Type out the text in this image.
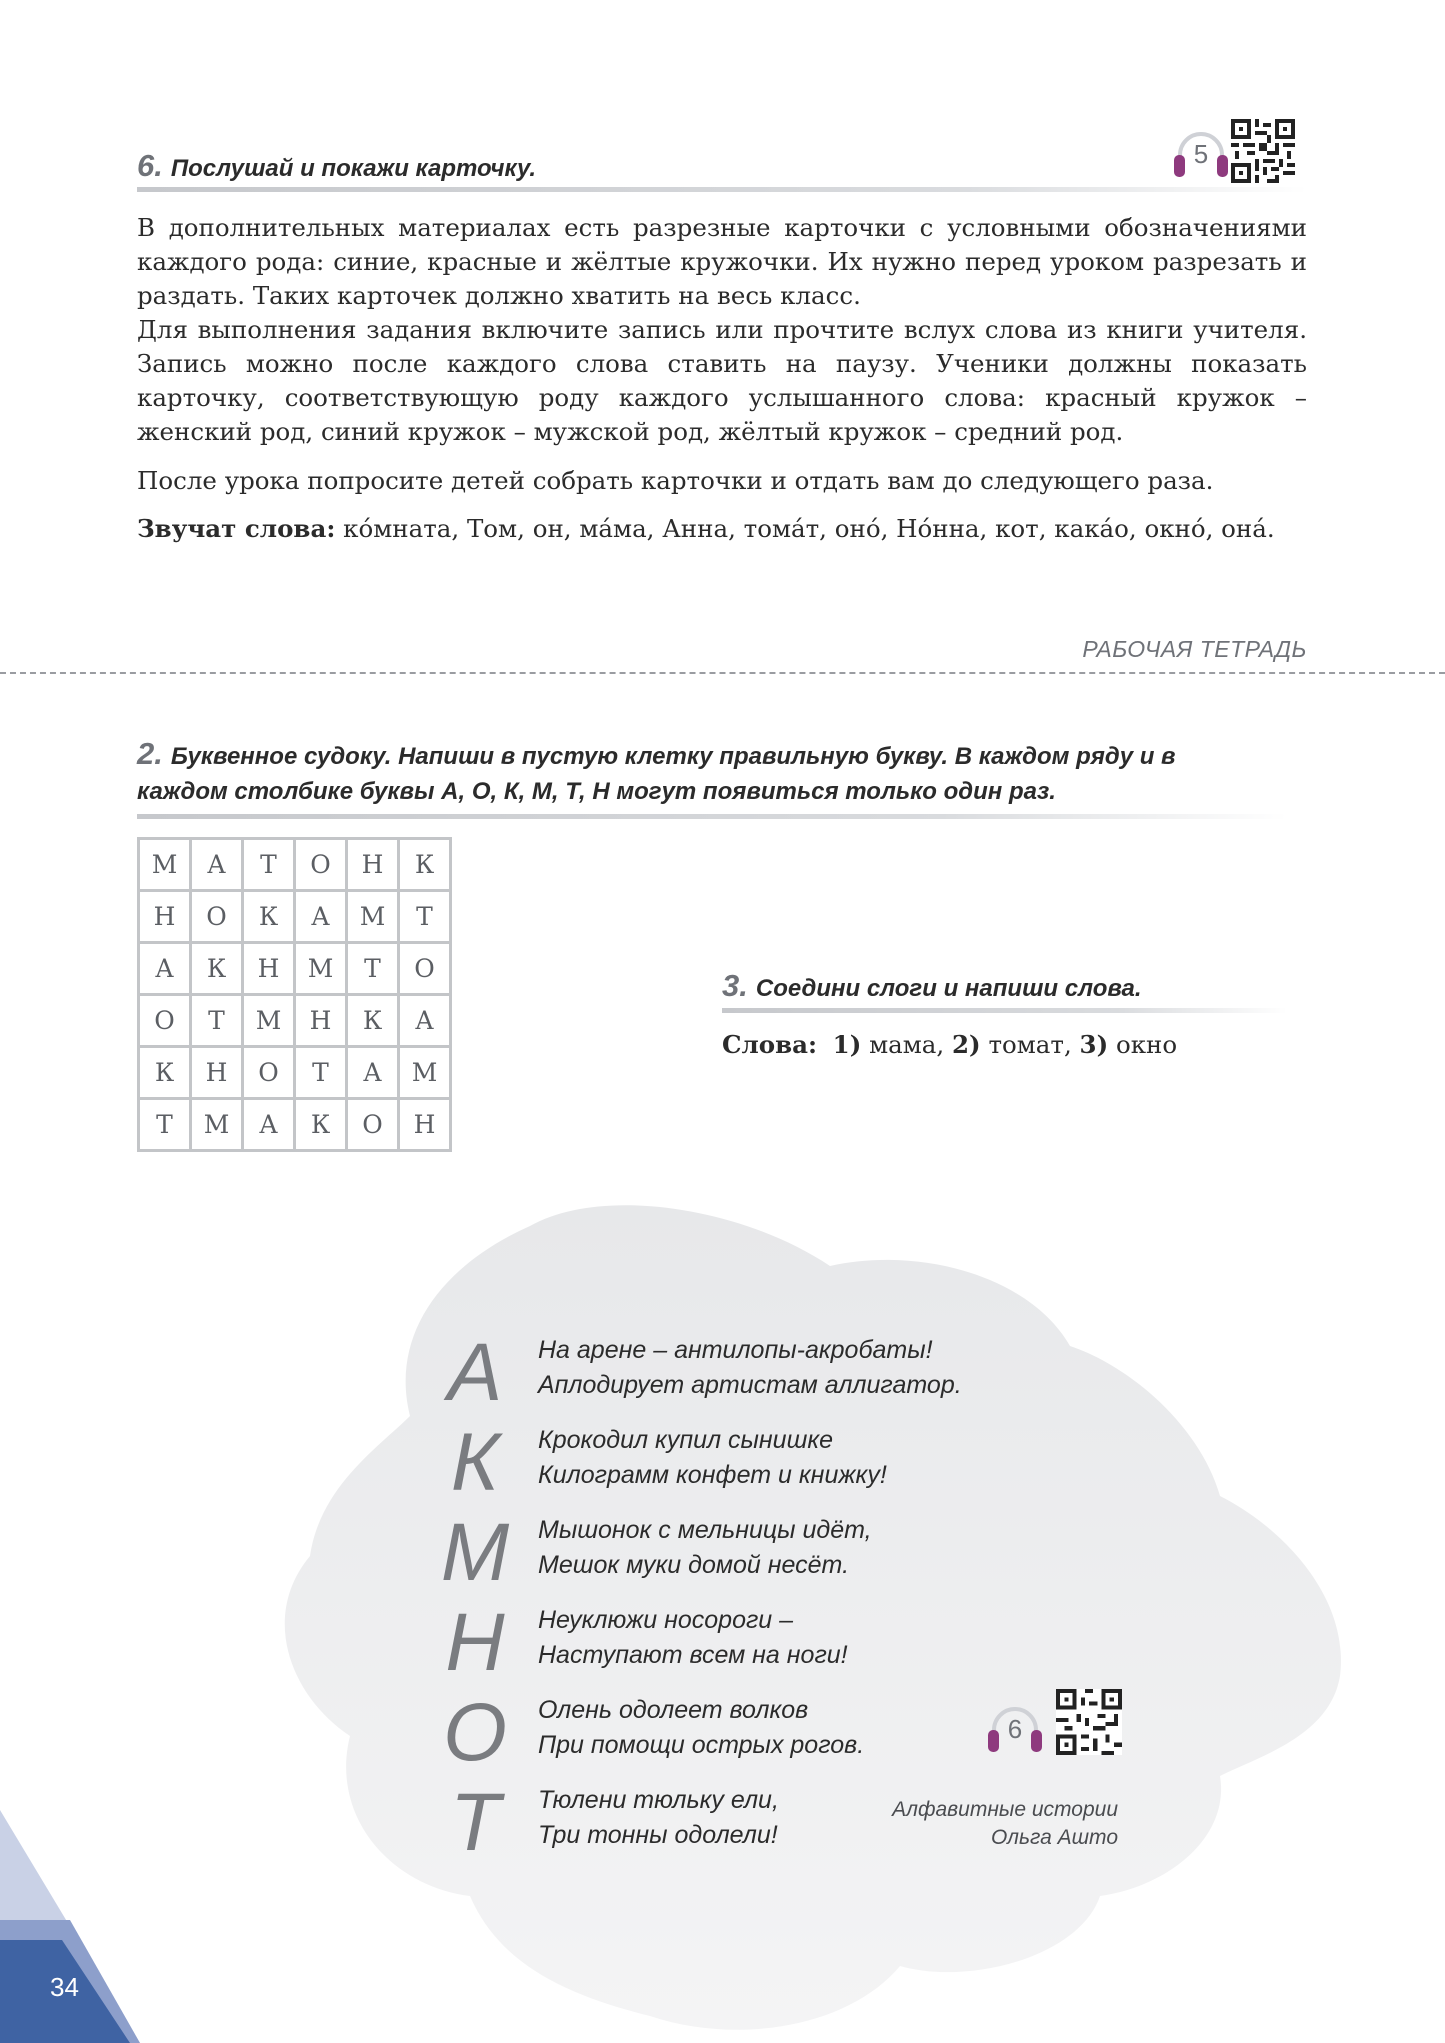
6. Послушай и покажи карточку.	5

В дополнительных материалах есть разрезные карточки с условными обозначениями каждого рода: синие, красные и жёлтые кружочки. Их нужно перед уроком разрезать и раздать. Таких карточек должно хватить на весь класс.

Для выполнения задания включите запись или прочтите вслух слова из книги учителя. Запись можно после каждого слова ставить на паузу. Ученики должны показать карточку, соответствующую роду каждого услышанного слова: красный кружок – женский род, синий кружок – мужской род, жёлтый кружок – средний род.

После урока попросите детей собрать карточки и отдать вам до следующего раза.

Звучат слова: ко́мната, Том, он, ма́ма, Анна, тома́т, оно́, Но́нна, кот, кака́о, окно́, она́.

РАБОЧАЯ ТЕТРАДЬ
2. Буквенное судоку. Напиши в пустую клетку правильную букву. В каждом ряду и в
каждом столбике буквы А, О, К, М, Т, Н могут появиться только один раз.
М	А	Т	О	Н	К
Н	О	К	А	М	Т
А	К	Н	М	Т	О
О	Т	М	Н	К	А
К	Н	О	Т	А	М
Т	М	А	К	О	Н
3. Соедини слоги и напиши слова.
Слова: 1) мама, 2) томат, 3) окно
А
К
М
Н
О
Т
На арене – антилопы-акробаты!
Аплодирует артистам аллигатор.
Крокодил купил сынишке
Килограмм конфет и книжку!
Мышонок с мельницы идёт,
Мешок муки домой несёт.
Неуклюжи носороги –
Наступают всем на ноги!
Олень одолеет волков
При помощи острых рогов.
Тюлени тюльку ели,
Три тонны одолели!
6
Алфавитные истории
Ольга Ашто
34
